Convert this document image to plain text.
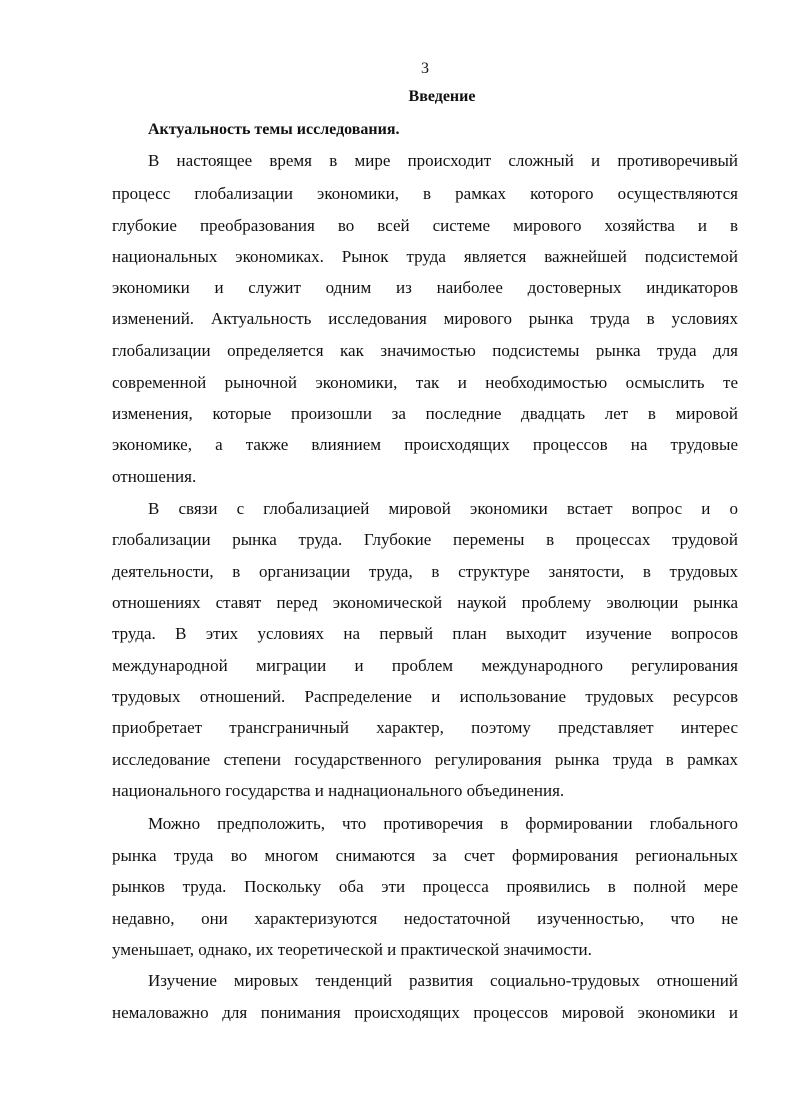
3
Введение
Актуальность темы исследования.
В настоящее время в мире происходит сложный и противоречивый
процесс глобализации экономики, в рамках которого осуществляются
глубокие преобразования во всей системе мирового хозяйства и в
национальных экономиках. Рынок труда является важнейшей подсистемой
экономики и служит одним из наиболее достоверных индикаторов
изменений. Актуальность исследования мирового рынка труда в условиях
глобализации определяется как значимостью подсистемы рынка труда для
современной рыночной экономики, так и необходимостью осмыслить те
изменения, которые произошли за последние двадцать лет в мировой
экономике, а также влиянием происходящих процессов на трудовые
отношения.
В связи с глобализацией мировой экономики встает вопрос и о
глобализации рынка труда. Глубокие перемены в процессах трудовой
деятельности, в организации труда, в структуре занятости, в трудовых
отношениях ставят перед экономической наукой проблему эволюции рынка
труда. В этих условиях на первый план выходит изучение вопросов
международной миграции и проблем международного регулирования
трудовых отношений. Распределение и использование трудовых ресурсов
приобретает трансграничный характер, поэтому представляет интерес
исследование степени государственного регулирования рынка труда в рамках
национального государства и наднационального объединения.
Можно предположить, что противоречия в формировании глобального
рынка труда во многом снимаются за счет формирования региональных
рынков труда. Поскольку оба эти процесса проявились в полной мере
недавно, они характеризуются недостаточной изученностью, что не
уменьшает, однако, их теоретической и практической значимости.
Изучение мировых тенденций развития социально-трудовых отношений
немаловажно для понимания происходящих процессов мировой экономики и
